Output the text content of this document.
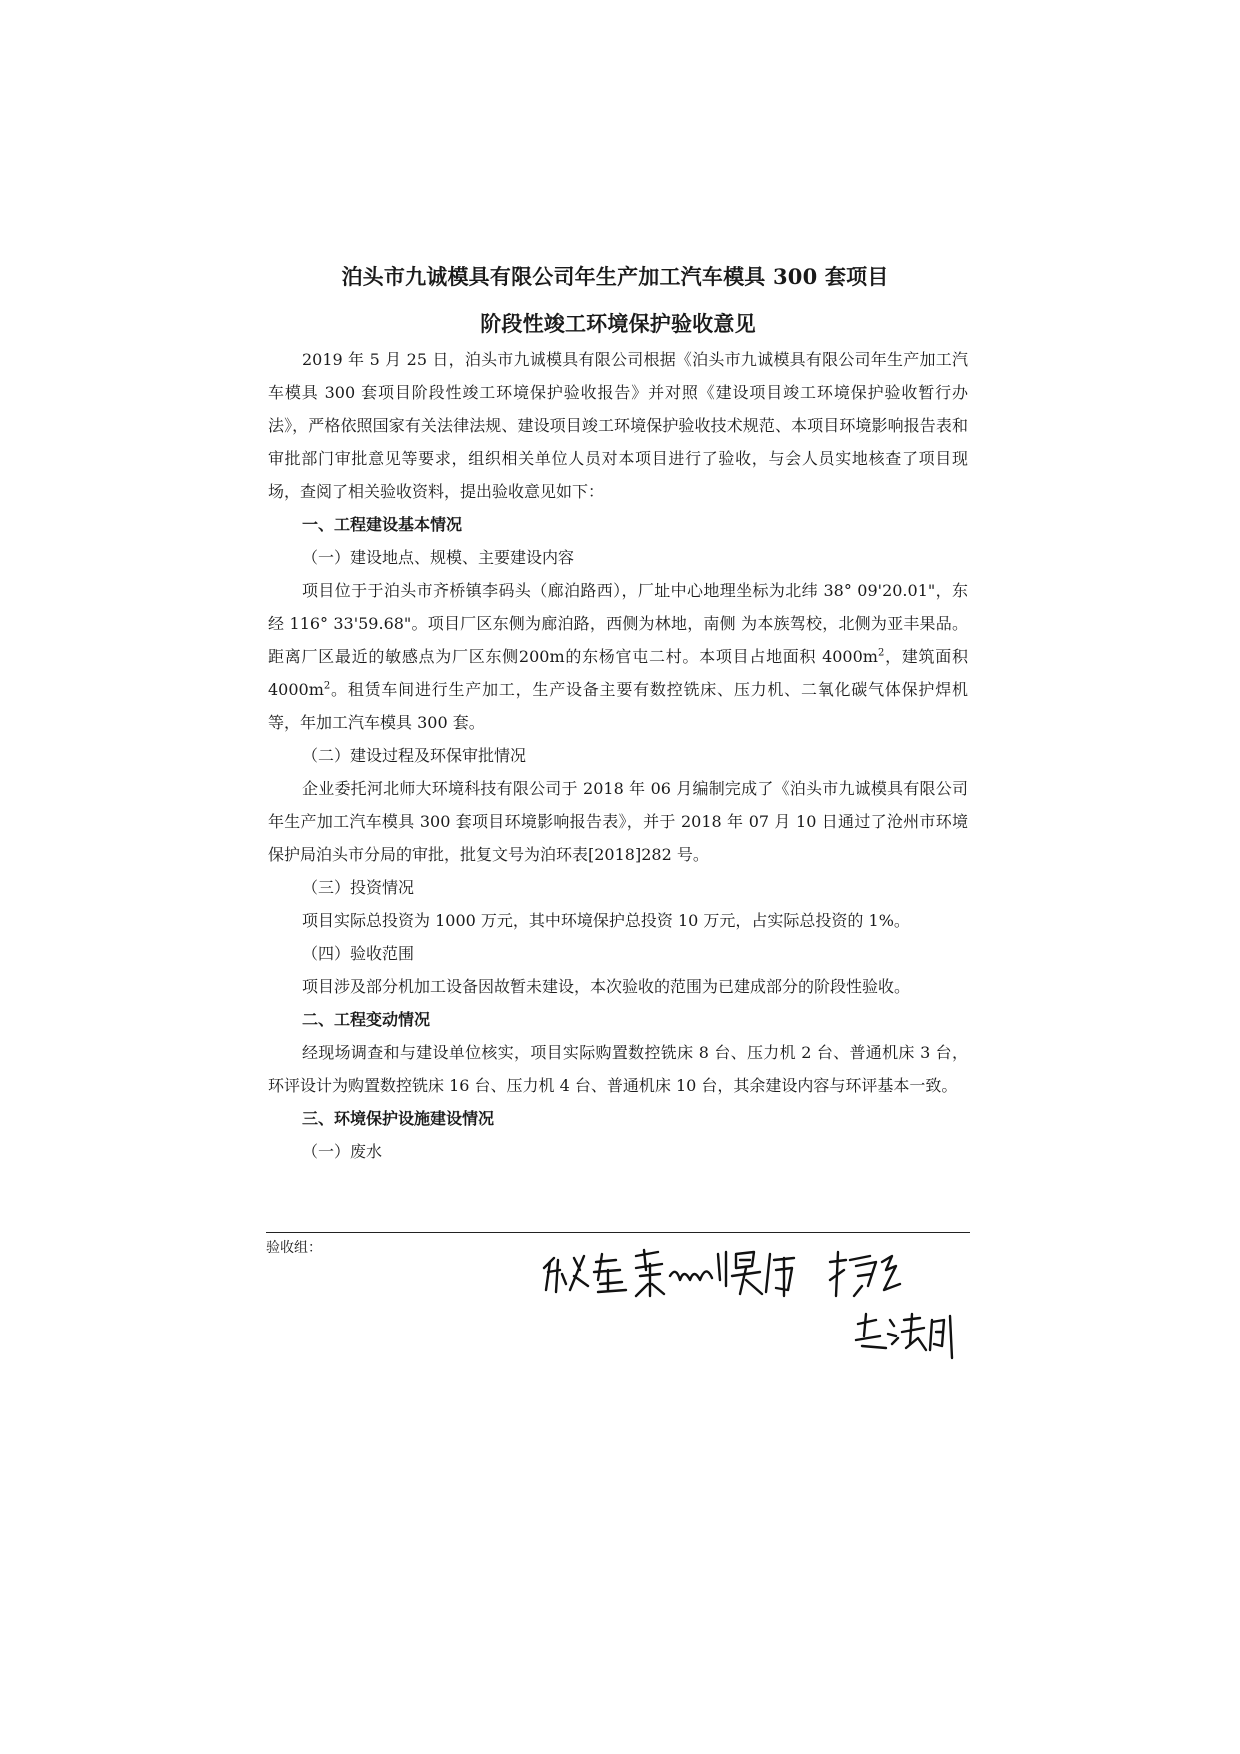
泊头市九诚模具有限公司年生产加工汽车模具 300 套项目
阶段性竣工环境保护验收意见

2019 年 5 月 25 日，泊头市九诚模具有限公司根据《泊头市九诚模具有限公司年生产加工汽车模具 300 套项目阶段性竣工环境保护验收报告》并对照《建设项目竣工环境保护验收暂行办法》，严格依照国家有关法律法规、建设项目竣工环境保护验收技术规范、本项目环境影响报告表和审批部门审批意见等要求，组织相关单位人员对本项目进行了验收，与会人员实地核查了项目现场，查阅了相关验收资料，提出验收意见如下：

一、工程建设基本情况

（一）建设地点、规模、主要建设内容

项目位于于泊头市齐桥镇李码头（廊泊路西），厂址中心地理坐标为北纬 38° 09'20.01"，东经 116° 33'59.68"。项目厂区东侧为廊泊路，西侧为林地，南侧 为本族驾校，北侧为亚丰果品。距离厂区最近的敏感点为厂区东侧200m的东杨官屯二村。本项目占地面积 $4000m^2$，建筑面积 $4000m^2$。租赁车间进行生产加工，生产设备主要有数控铣床、压力机、二氧化碳气体保护焊机等，年加工汽车模具 300 套。

（二）建设过程及环保审批情况

企业委托河北师大环境科技有限公司于 2018 年 06 月编制完成了《泊头市九诚模具有限公司年生产加工汽车模具 300 套项目环境影响报告表》，并于 2018 年 07 月 10 日通过了沧州市环境保护局泊头市分局的审批，批复文号为泊环表[2018]282 号。

（三）投资情况

项目实际总投资为 1000 万元，其中环境保护总投资 10 万元，占实际总投资的 1%。

（四）验收范围

项目涉及部分机加工设备因故暂未建设，本次验收的范围为已建成部分的阶段性验收。

二、工程变动情况

经现场调查和与建设单位核实，项目实际购置数控铣床 8 台、压力机 2 台、普通机床 3 台，环评设计为购置数控铣床 16 台、压力机 4 台、普通机床 10 台，其余建设内容与环评基本一致。

三、环境保护设施建设情况

（一）废水

验收组：
